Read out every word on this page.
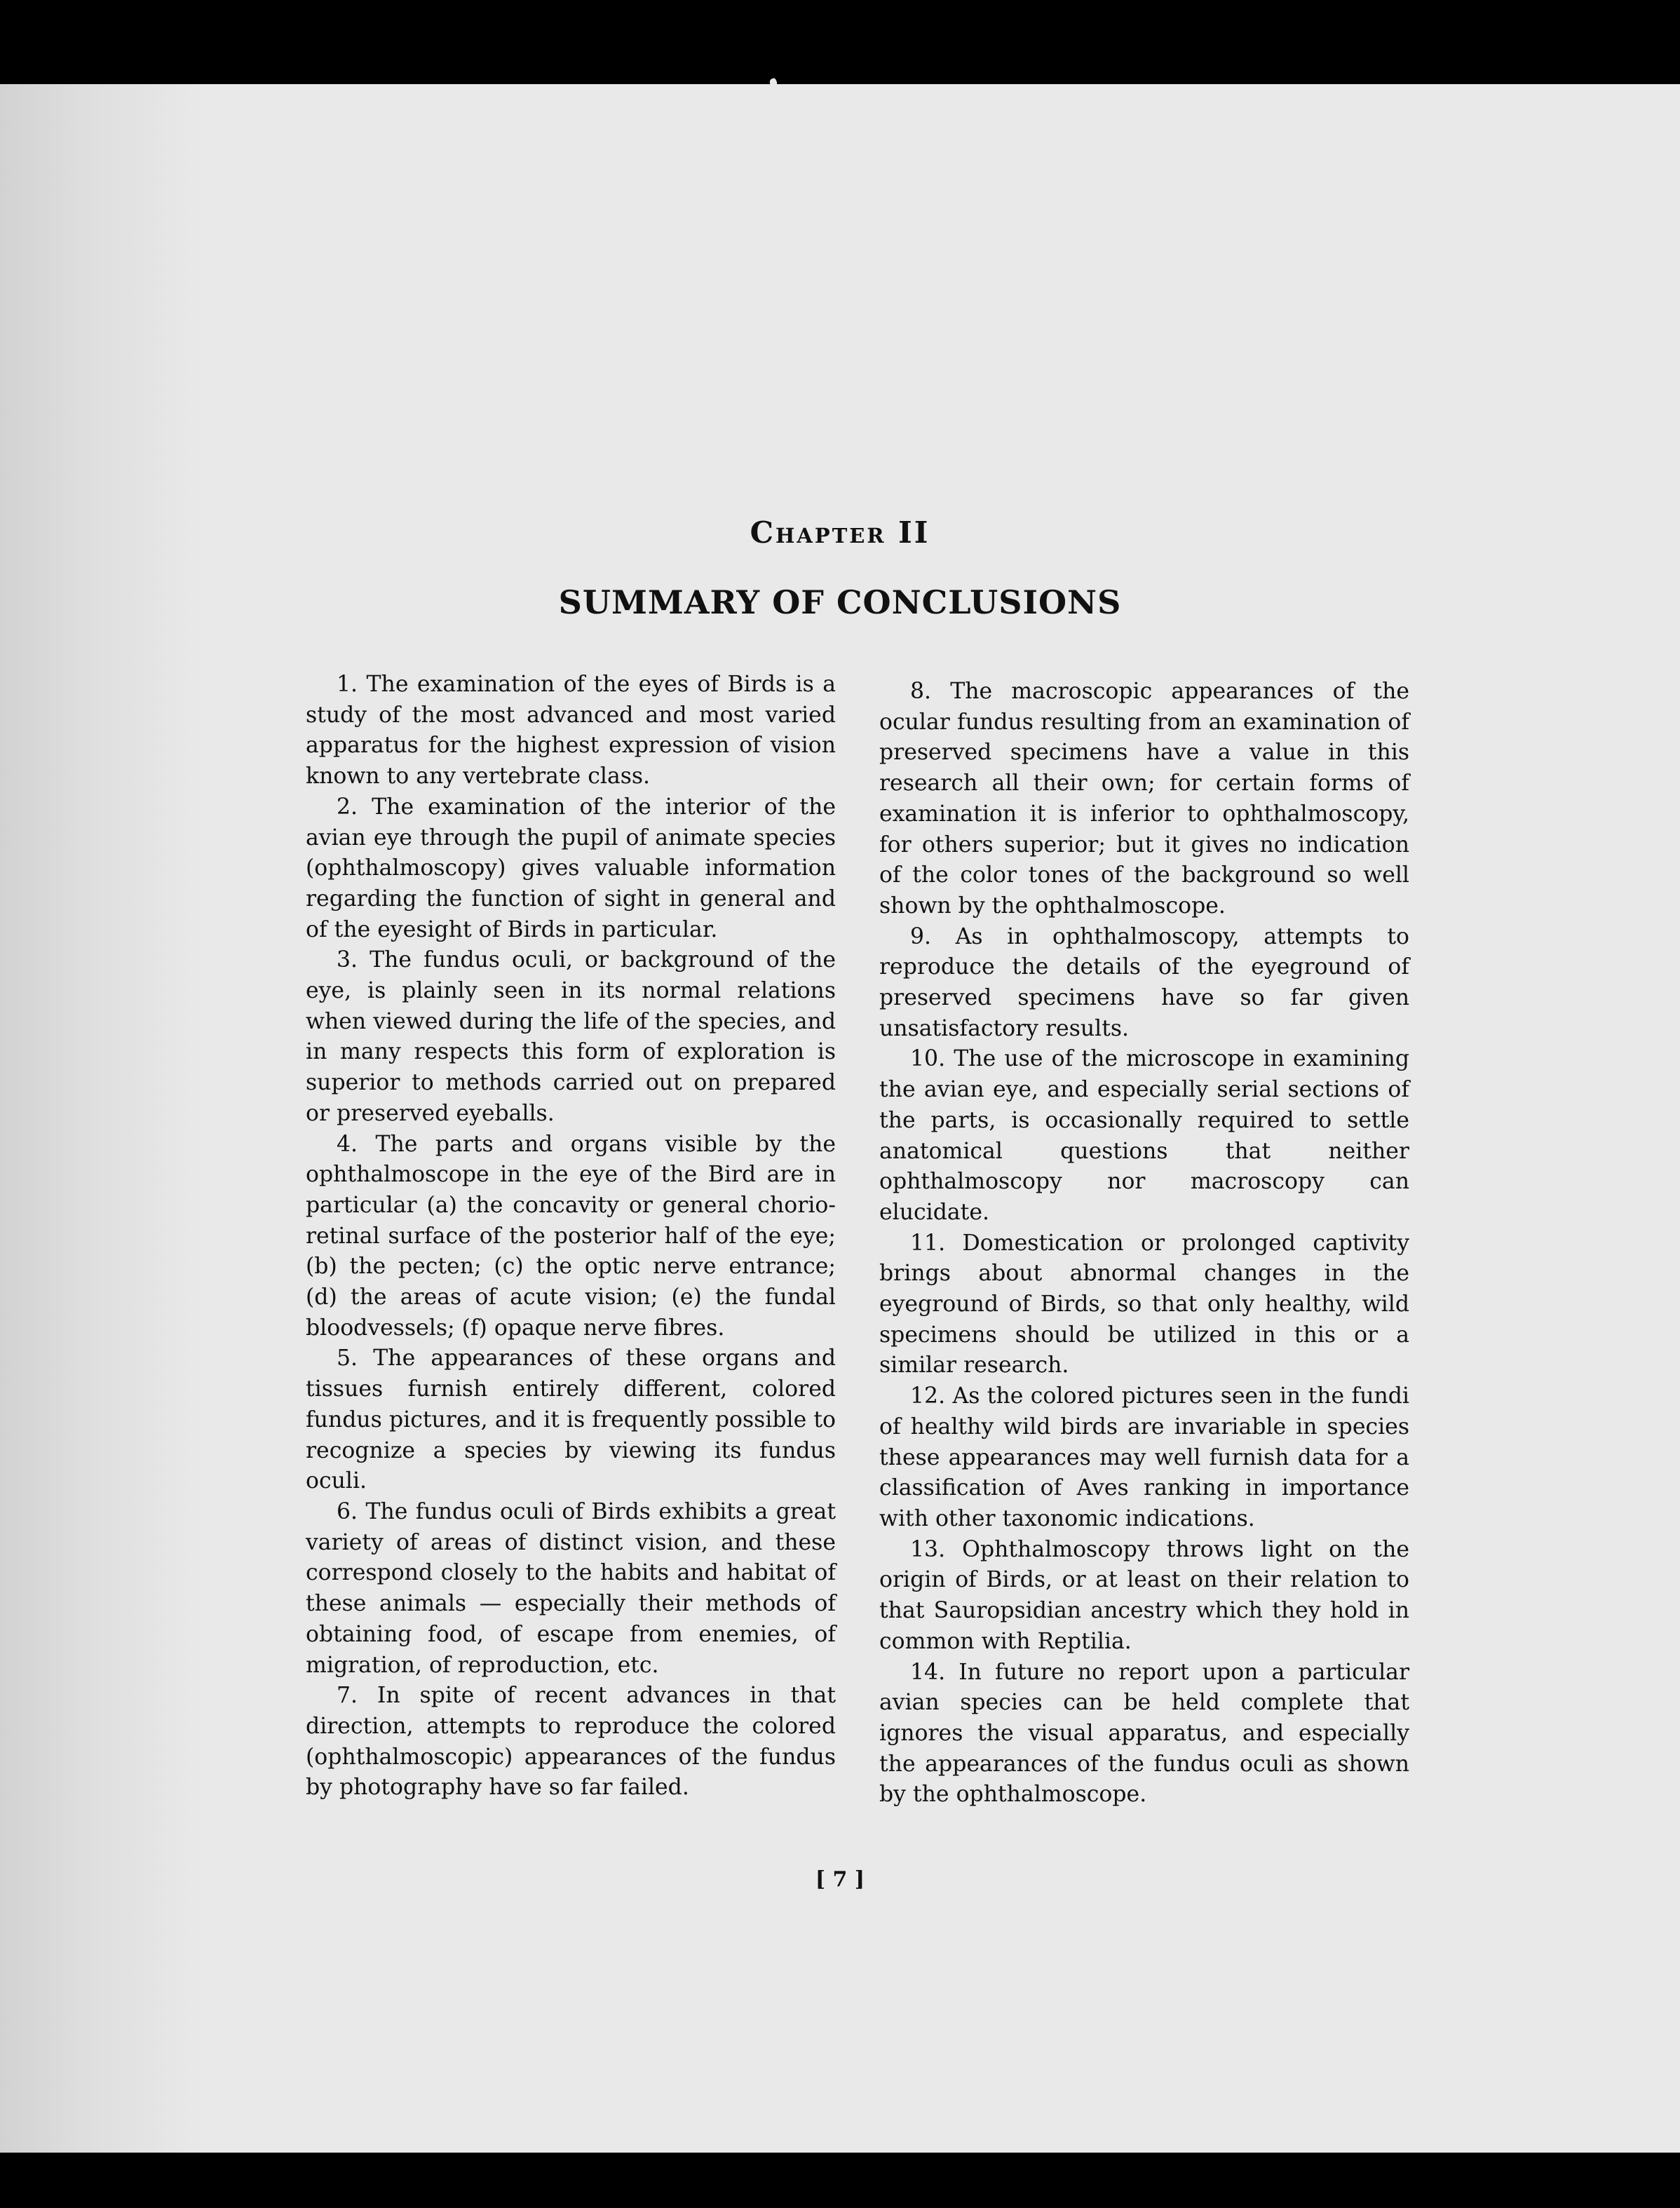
Chapter II
SUMMARY OF CONCLUSIONS

1. The examination of the eyes of Birds is a study of the most advanced and most varied apparatus for the highest expression of vision known to any vertebrate class.

2. The examination of the interior of the avian eye through the pupil of animate species (ophthalmoscopy) gives valuable information regarding the function of sight in general and of the eyesight of Birds in particular.

3. The fundus oculi, or background of the eye, is plainly seen in its normal relations when viewed during the life of the species, and in many respects this form of exploration is superior to methods carried out on prepared or preserved eyeballs.

4. The parts and organs visible by the ophthalmoscope in the eye of the Bird are in particular (a) the concavity or general chorio-retinal surface of the posterior half of the eye; (b) the pecten; (c) the optic nerve entrance; (d) the areas of acute vision; (e) the fundal bloodvessels; (f) opaque nerve fibres.

5. The appearances of these organs and tissues furnish entirely different, colored fundus pictures, and it is frequently possible to recognize a species by viewing its fundus oculi.

6. The fundus oculi of Birds exhibits a great variety of areas of distinct vision, and these correspond closely to the habits and habitat of these animals — especially their methods of obtaining food, of escape from enemies, of migration, of reproduction, etc.

7. In spite of recent advances in that direction, attempts to reproduce the colored (ophthalmoscopic) appearances of the fundus by photography have so far failed.

8. The macroscopic appearances of the ocular fundus resulting from an examination of preserved specimens have a value in this research all their own; for certain forms of examination it is inferior to ophthalmoscopy, for others superior; but it gives no indication of the color tones of the background so well shown by the ophthalmoscope.

9. As in ophthalmoscopy, attempts to reproduce the details of the eyeground of preserved specimens have so far given unsatisfactory results.

10. The use of the microscope in examining the avian eye, and especially serial sections of the parts, is occasionally required to settle anatomical questions that neither ophthalmoscopy nor macroscopy can elucidate.

11. Domestication or prolonged captivity brings about abnormal changes in the eyeground of Birds, so that only healthy, wild specimens should be utilized in this or a similar research.

12. As the colored pictures seen in the fundi of healthy wild birds are invariable in species these appearances may well furnish data for a classification of Aves ranking in importance with other taxonomic indications.

13. Ophthalmoscopy throws light on the origin of Birds, or at least on their relation to that Sauropsidian ancestry which they hold in common with Reptilia.

14. In future no report upon a particular avian species can be held complete that ignores the visual apparatus, and especially the appearances of the fundus oculi as shown by the ophthalmoscope.

[ 7 ]
